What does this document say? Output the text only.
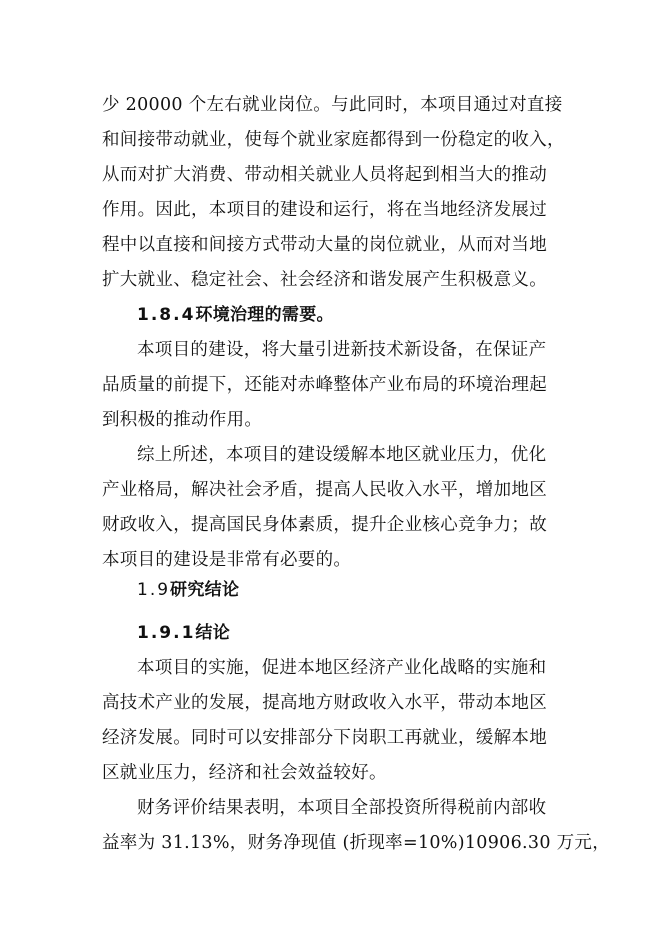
少 20000 个左右就业岗位。与此同时，本项目通过对直接
和间接带动就业，使每个就业家庭都得到一份稳定的收入，
从而对扩大消费、带动相关就业人员将起到相当大的推动
作用。因此，本项目的建设和运行，将在当地经济发展过
程中以直接和间接方式带动大量的岗位就业，从而对当地
扩大就业、稳定社会、社会经济和谐发展产生积极意义。
1.8.4环境治理的需要。
本项目的建设，将大量引进新技术新设备，在保证产
品质量的前提下，还能对赤峰整体产业布局的环境治理起
到积极的推动作用。
综上所述，本项目的建设缓解本地区就业压力，优化
产业格局，解决社会矛盾，提高人民收入水平，增加地区
财政收入，提高国民身体素质，提升企业核心竞争力；故
本项目的建设是非常有必要的。
1.9研究结论
1.9.1结论
本项目的实施，促进本地区经济产业化战略的实施和
高技术产业的发展，提高地方财政收入水平，带动本地区
经济发展。同时可以安排部分下岗职工再就业，缓解本地
区就业压力，经济和社会效益较好。
财务评价结果表明，本项目全部投资所得税前内部收
益率为 31.13%，财务净现值 (折现率=10%)10906.30 万元，
